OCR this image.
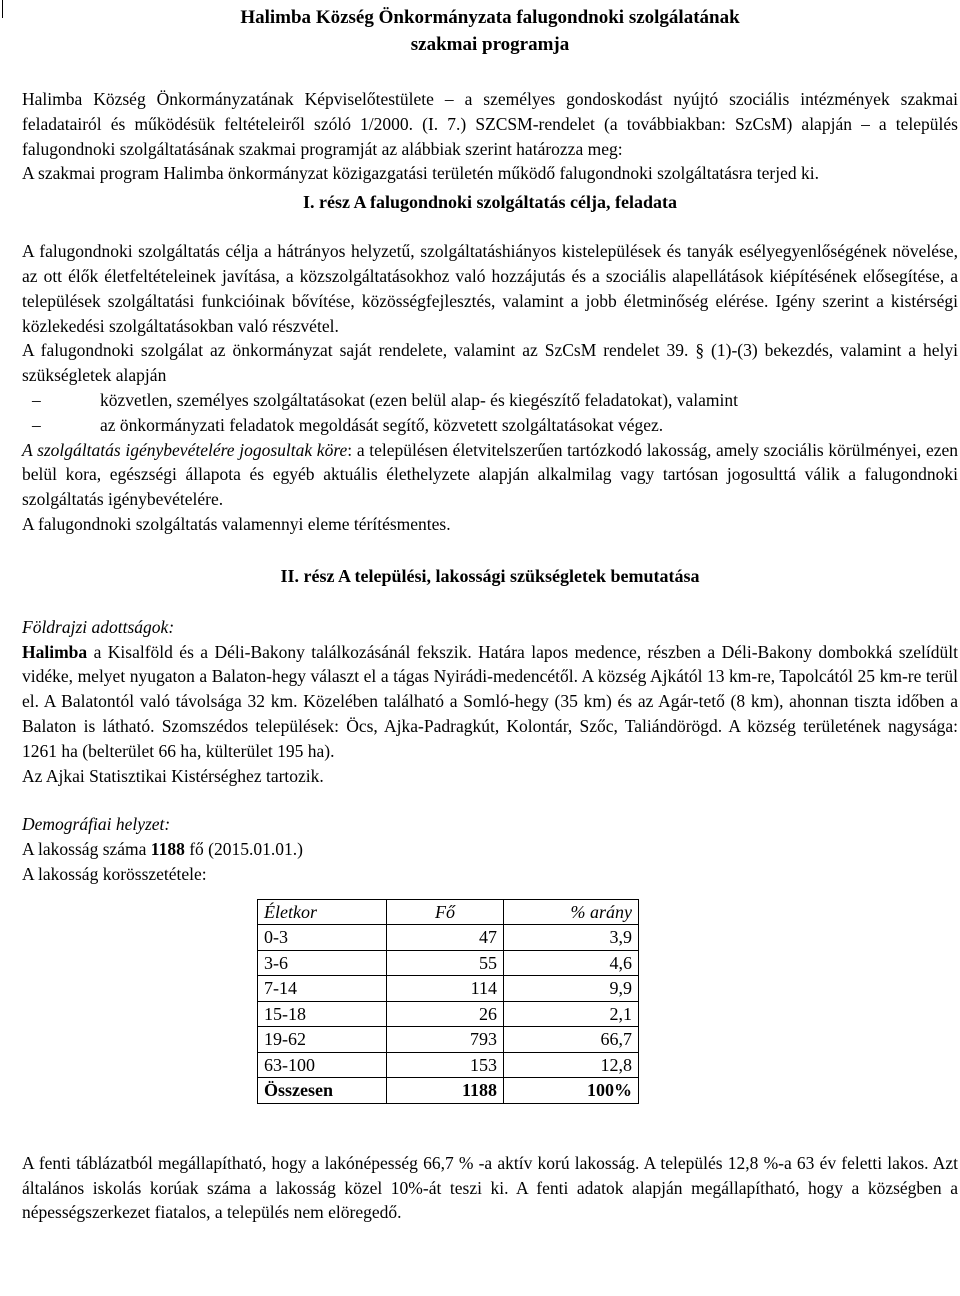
Halimba Község Önkormányzata falugondnoki szolgálatának

szakmai programja

Halimba Község Önkormányzatának Képviselőtestülete – a személyes gondoskodást nyújtó szociális intézmények szakmai feladatairól és működésük feltételeiről szóló 1/2000. (I. 7.) SZCSM-rendelet (a továbbiakban: SzCsM) alapján – a település falugondnoki szolgáltatásának szakmai programját az alábbiak szerint határozza meg:

A szakmai program Halimba önkormányzat közigazgatási területén működő falugondnoki szolgáltatásra terjed ki.

I. rész A falugondnoki szolgáltatás célja, feladata

A falugondnoki szolgáltatás célja a hátrányos helyzetű, szolgáltatáshiányos kistelepülések és tanyák esélyegyenlőségének növelése, az ott élők életfeltételeinek javítása, a közszolgáltatásokhoz való hozzájutás és a szociális alapellátások kiépítésének elősegítése, a települések szolgáltatási funkcióinak bővítése, közösségfejlesztés, valamint a jobb életminőség elérése. Igény szerint a kistérségi közlekedési szolgáltatásokban való részvétel.

A falugondnoki szolgálat az önkormányzat saját rendelete, valamint az SzCsM rendelet 39. § (1)-(3) bekezdés, valamint a helyi szükségletek alapján

–	közvetlen, személyes szolgáltatásokat (ezen belül alap- és kiegészítő feladatokat), valamint
–	az önkormányzati feladatok megoldását segítő, közvetett szolgáltatásokat végez.

A szolgáltatás igénybevételére jogosultak köre: a településen életvitelszerűen tartózkodó lakosság, amely szociális körülményei, ezen belül kora, egészségi állapota és egyéb aktuális élethelyzete alapján alkalmilag vagy tartósan jogosulttá válik a falugondnoki szolgáltatás igénybevételére.

A falugondnoki szolgáltatás valamennyi eleme térítésmentes.

II. rész A települési, lakossági szükségletek bemutatása

Földrajzi adottságok:

Halimba a Kisalföld és a Déli-Bakony találkozásánál fekszik. Határa lapos medence, részben a Déli-Bakony dombokká szelídült vidéke, melyet nyugaton a Balaton-hegy választ el a tágas Nyirádi-medencétől. A község Ajkától 13 km-re, Tapolcától 25 km-re terül el. A Balatontól való távolsága 32 km. Közelében található a Somló-hegy (35 km) és az Agár-tető (8 km), ahonnan tiszta időben a Balaton is látható. Szomszédos települések: Öcs, Ajka-Padragkút, Kolontár, Szőc, Taliándörögd. A község területének nagysága: 1261 ha (belterület 66 ha, külterület 195 ha).

Az Ajkai Statisztikai Kistérséghez tartozik.

Demográfiai helyzet:

A lakosság száma 1188 fő (2015.01.01.)

A lakosság korösszetétele:

Életkor	Fő	% arány
0-3	47	3,9
3-6	55	4,6
7-14	114	9,9
15-18	26	2,1
19-62	793	66,7
63-100	153	12,8
Összesen	1188	100%

A fenti táblázatból megállapítható, hogy a lakónépesség 66,7 % -a aktív korú lakosság. A település 12,8 %-a 63 év feletti lakos. Azt általános iskolás korúak száma a lakosság közel 10%-át teszi ki. A fenti adatok alapján megállapítható, hogy a községben a népességszerkezet fiatalos, a település nem elöregedő.
